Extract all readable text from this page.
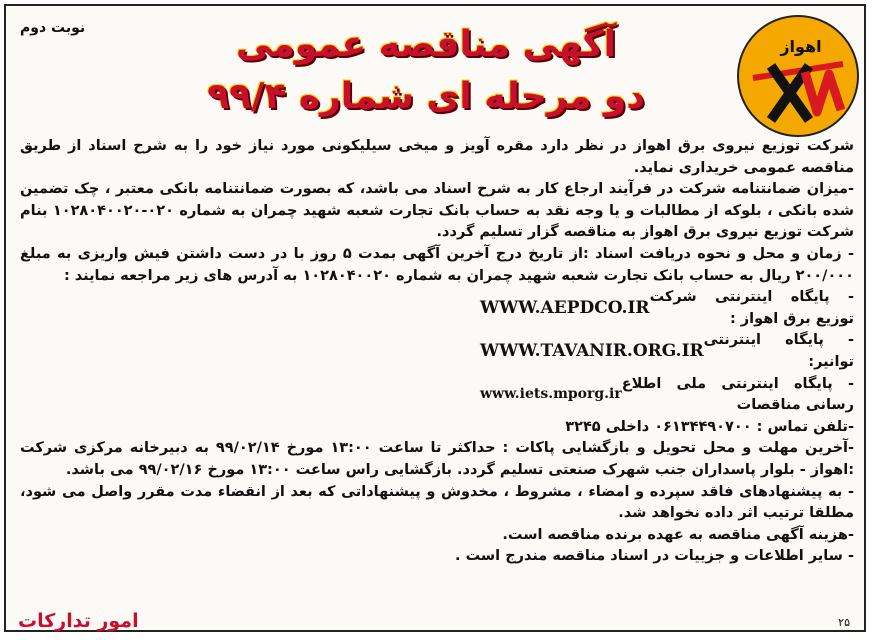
نوبت دوم
اهواز
آگهی مناقصه عمومی
دو مرحله ای شماره ۹۹/۴

شرکت توزیع نیروی برق اهواز در نظر دارد مقره آویز و میخی سیلیکونی مورد نیاز خود را به شرح اسناد از طریق مناقصه عمومی خریداری نماید.

-میزان ضمانتنامه شرکت در فرآیند ارجاع کار به شرح اسناد می باشد، که بصورت ضمانتنامه بانکی معتبر ، چک تضمین شده بانکی ، بلوکه از مطالبات و یا وجه نقد به حساب بانک تجارت شعبه شهید چمران به شماره ۰۲۰-۱۰۲۸۰۴۰۰۲۰ بنام شرکت توزیع نیروی برق اهواز به مناقصه گزار تسلیم گردد.

- زمان و محل و نحوه دریافت اسناد :از تاریخ درج آخرین آگهی بمدت ۵ روز با در دست داشتن فیش واریزی به مبلغ ۲۰۰/۰۰۰ ریال به حساب بانک تجارت شعبه شهید چمران به شماره ۱۰۲۸۰۴۰۰۲۰ به آدرس های زیر مراجعه نمایند :

- پایگاه اینترنتی شرکت توزیع برق اهواز :
WWW.AEPDCO.IR
- پایگاه اینترنتی توانیر:
WWW.TAVANIR.ORG.IR
- پایگاه اینترنتی ملی اطلاع رسانی مناقصات
www.iets.mporg.ir

-تلفن تماس : ۰۶۱۳۴۴۹۰۷۰۰ داخلی ۳۲۴۵

-آخرین مهلت و محل تحویل و بازگشایی پاکات : حداکثر تا ساعت ۱۳:۰۰ مورخ ۹۹/۰۲/۱۴ به دبیرخانه مرکزی شرکت :اهواز - بلوار پاسداران جنب شهرک صنعتی تسلیم گردد. بازگشایی راس ساعت ۱۳:۰۰ مورخ ۹۹/۰۲/۱۶ می باشد.

- به پیشنهادهای فاقد سپرده و امضاء ، مشروط ، مخدوش و پیشنهاداتی که بعد از انقضاء مدت مقرر واصل می شود، مطلقا ترتیب اثر داده نخواهد شد.

-هزینه آگهی مناقصه به عهده برنده مناقصه است.

- سایر اطلاعات و جزییات در اسناد مناقصه مندرج است .

امور تدارکات	۲۵
